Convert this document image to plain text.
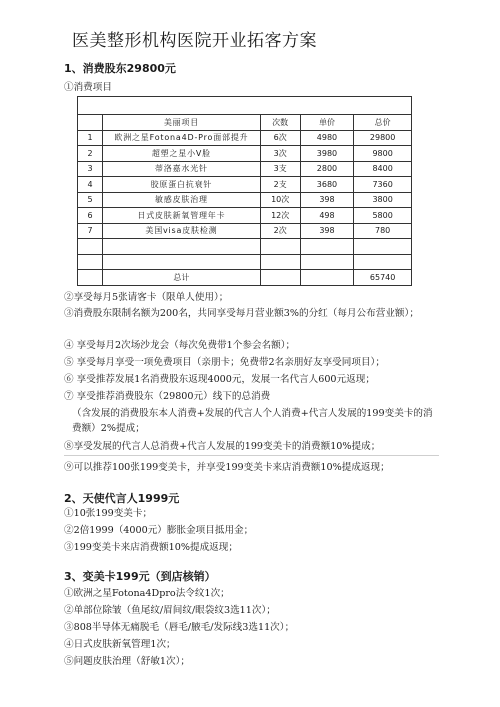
医美整形机构医院开业拓客方案
1、消费股东29800元
①消费项目

	美丽项目	次数	单价	总价
1	欧洲之星Fotona4D-Pro面部提升	6次	4980	29800
2	超塑之星小V脸	3次	3980	9800
3	蒂洛嘉水光针	3支	2800	8400
4	胶原蛋白抗衰针	2支	3680	7360
5	敏感皮肤治理	10次	398	3800
6	日式皮肤新氧管理年卡	12次	498	5800
7	美国visa皮肤检测	2次	398	780

	总计			65740
②享受每月5张请客卡（限单人使用）；
③消费股东限制名额为200名，共同享受每月营业额3%的分红（每月公布营业额）；
④ 享受每月2次场沙龙会（每次免费带1个参会名额）；
⑤ 享受每月享受一项免费项目（亲朋卡；免费带2名亲朋好友享受同项目）；
⑥ 享受推荐发展1名消费股东返现4000元，发展一名代言人600元返现；
⑦ 享受推荐消费股东（29800元）线下的总消费
（含发展的消费股东本人消费+发展的代言人个人消费+代言人发展的199变美卡的消费额）2%提成；
⑧享受发展的代言人总消费+代言人发展的199变美卡的消费额10%提成；
⑨可以推荐100张199变美卡，并享受199变美卡来店消费额10%提成返现；
2、天使代言人1999元
①10张199变美卡；
②2倍1999（4000元）膨胀金项目抵用金；
③199变美卡来店消费额10%提成返现；
3、变美卡199元（到店核销）
①欧洲之星Fotona4Dpro法令纹1次；
②单部位除皱（鱼尾纹/眉间纹/眼袋纹3选11次）；
③808半导体无痛脱毛（唇毛/腋毛/发际线3选11次）；
④日式皮肤新氧管理1次；
⑤问题皮肤治理（舒敏1次）；
